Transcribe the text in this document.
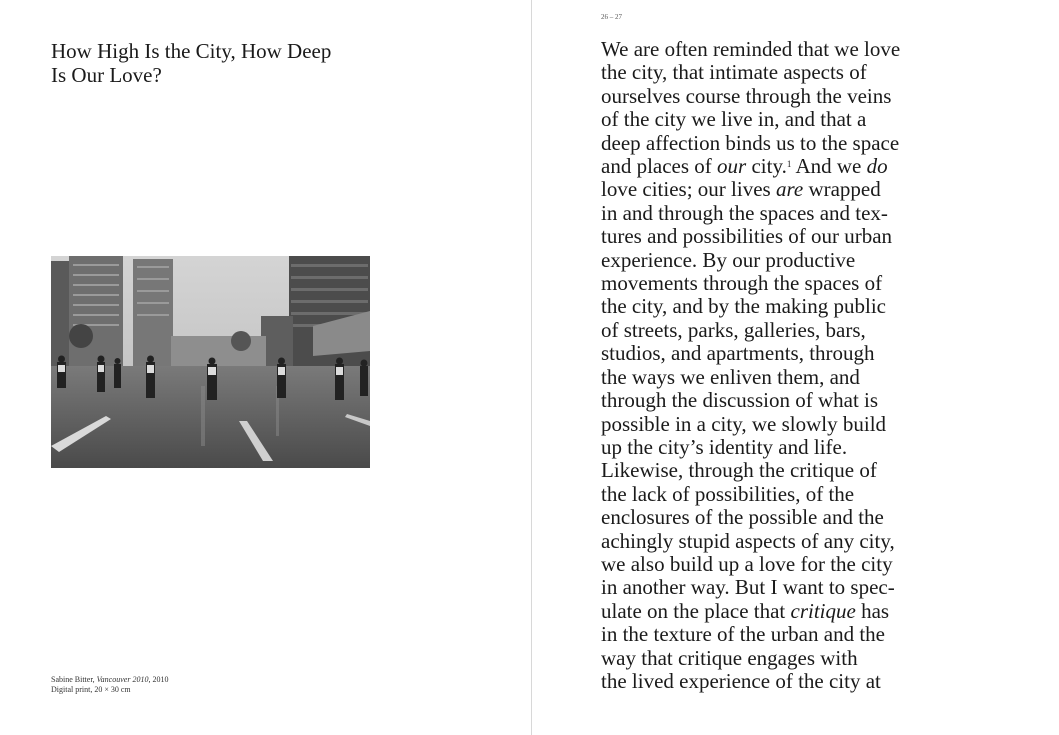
How High Is the City, How Deep
Is Our Love?
Sabine Bitter, Vancouver 2010, 2010
Digital print, 20 × 30 cm
26 – 27
We are often reminded that we love
the city, that intimate aspects of
ourselves course through the veins
of the city we live in, and that a
deep affection binds us to the space
and places of our city.$^1$ And we do
love cities; our lives are wrapped
in and through the spaces and tex-
tures and possibilities of our urban
experience. By our productive
movements through the spaces of
the city, and by the making public
of streets, parks, galleries, bars,
studios, and apartments, through
the ways we enliven them, and
through the discussion of what is
possible in a city, we slowly build
up the city’s identity and life.
Likewise, through the critique of
the lack of possibilities, of the
enclosures of the possible and the
achingly stupid aspects of any city,
we also build up a love for the city
in another way. But I want to spec-
ulate on the place that critique has
in the texture of the urban and the
way that critique engages with
the lived experience of the city at
